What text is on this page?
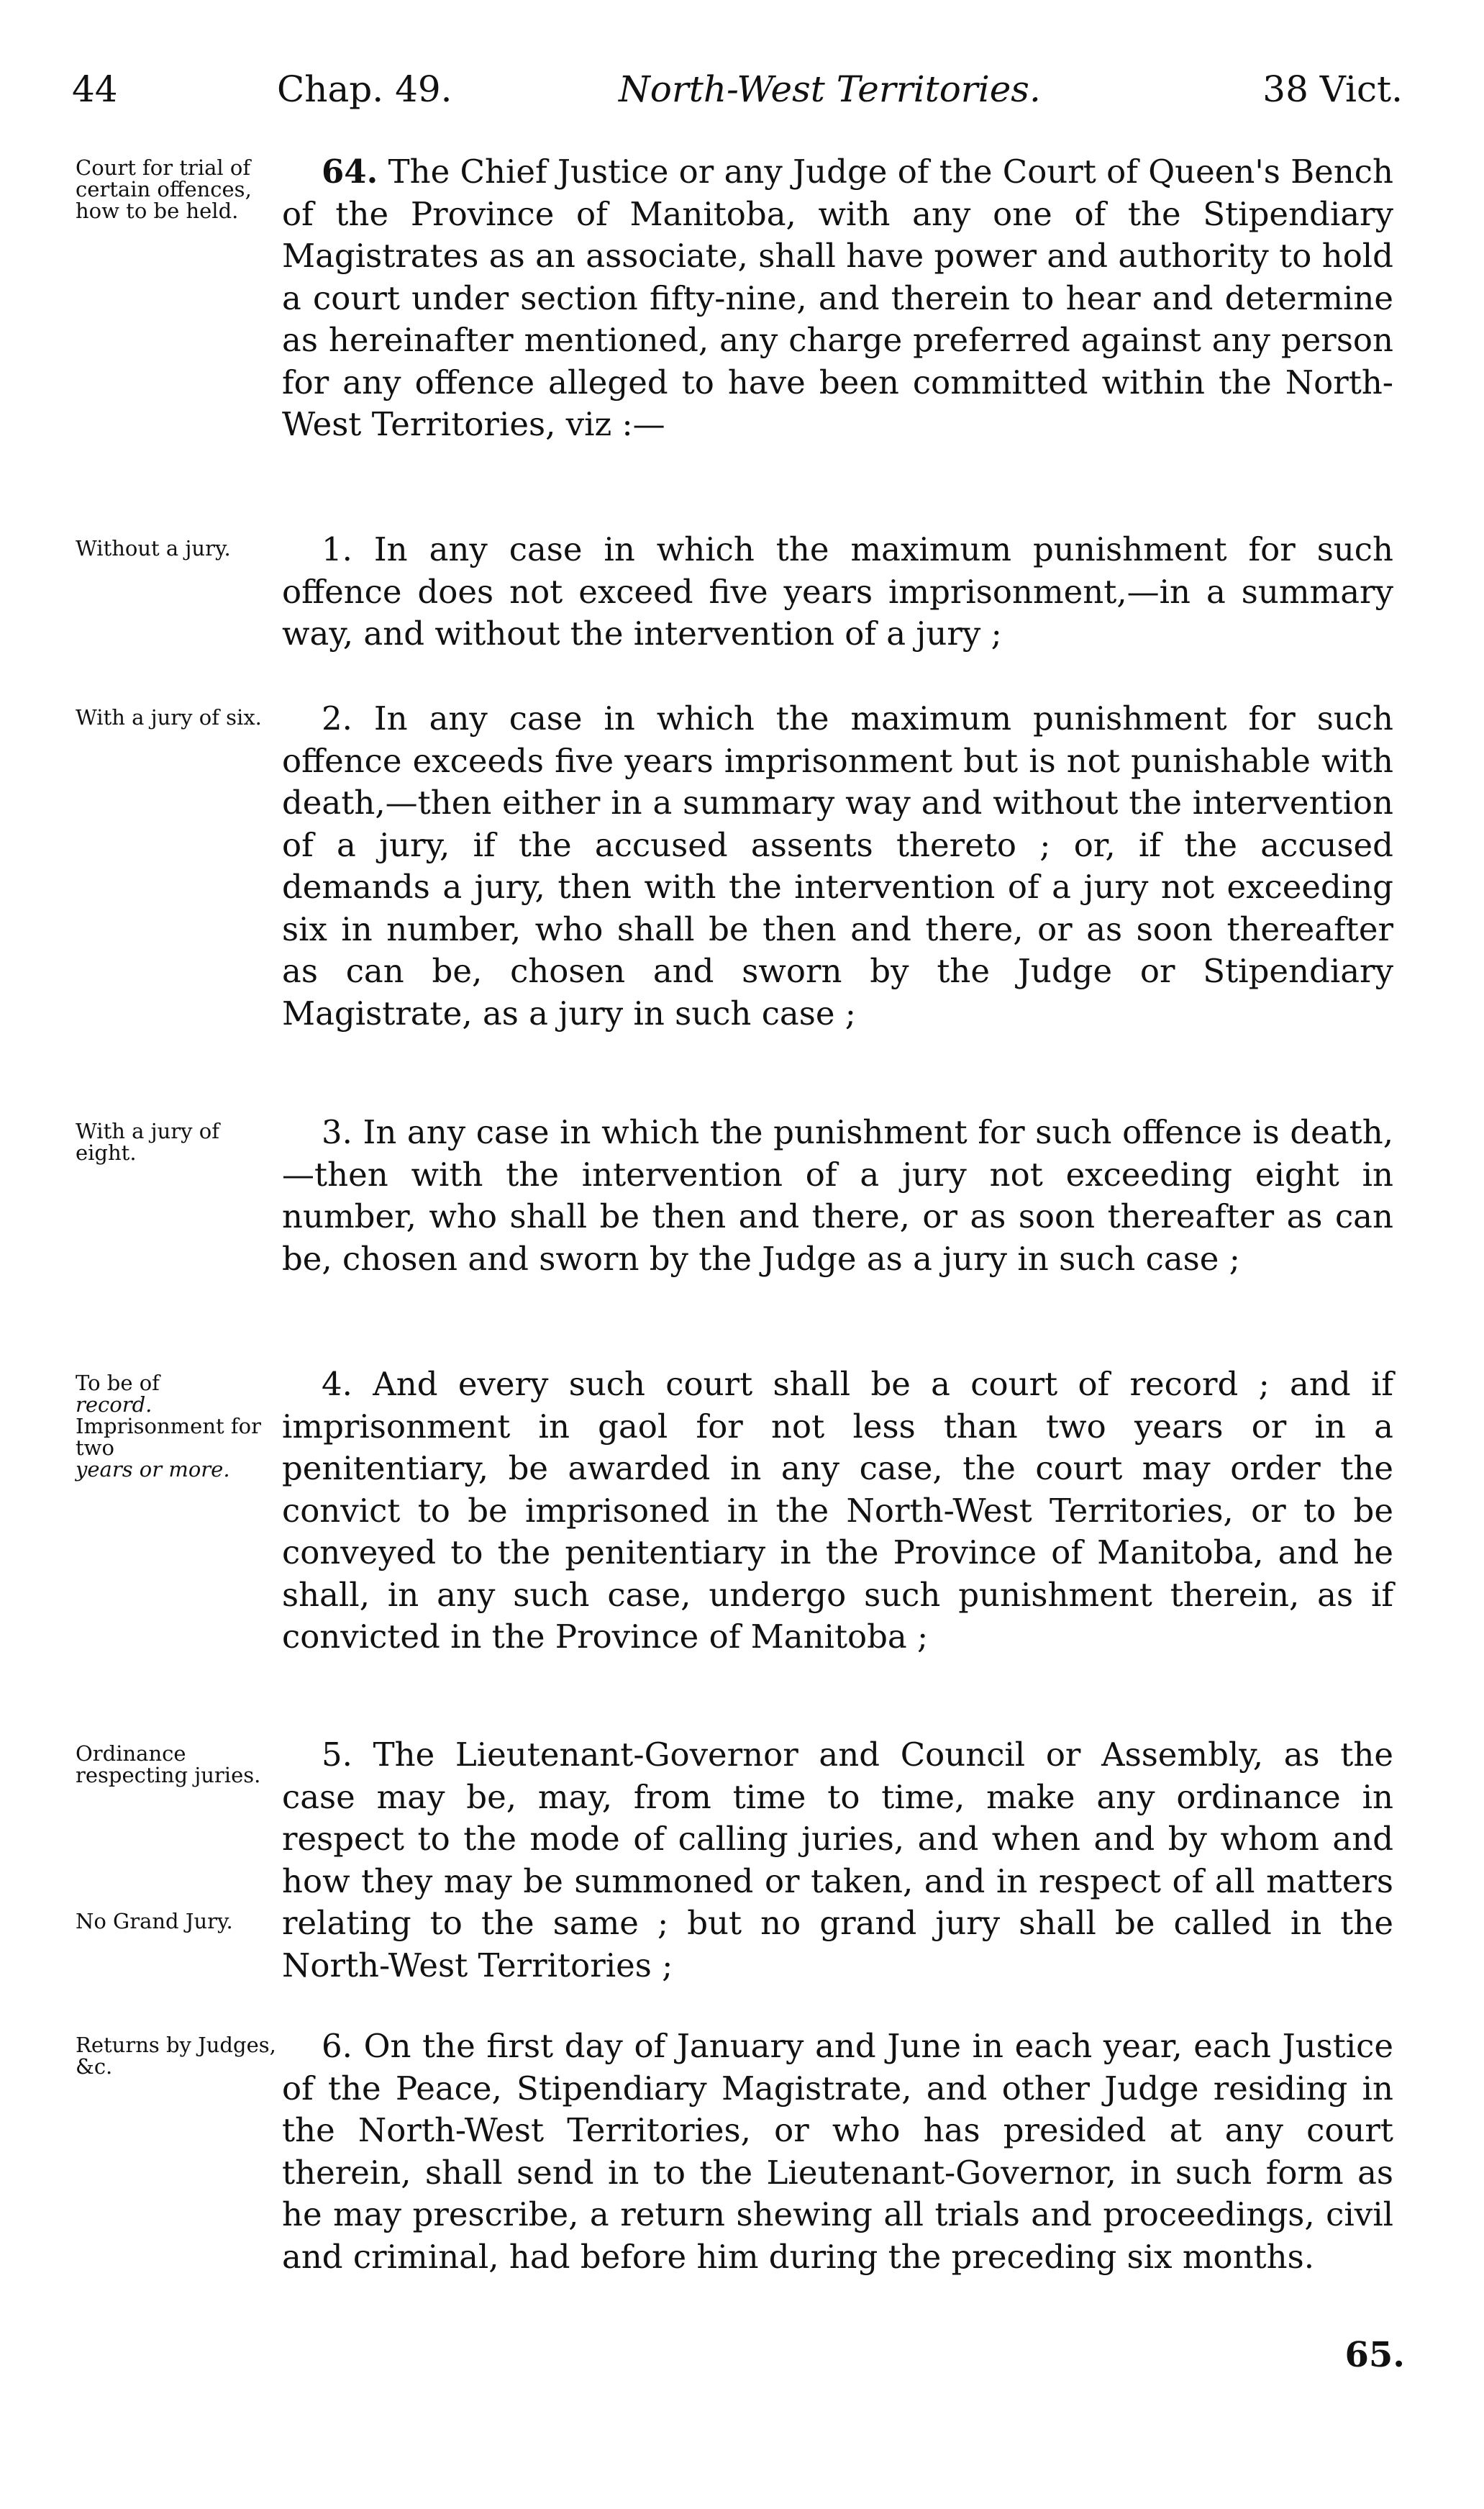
44	Chap. 49.	North-West Territories.	38 Vict.
Court for trial of certain offences, how to be held.

64. The Chief Justice or any Judge of the Court of Queen's Bench of the Province of Manitoba, with any one of the Stipendiary Magistrates as an associate, shall have power and authority to hold a court under section fifty-nine, and therein to hear and determine as hereinafter mentioned, any charge preferred against any person for any offence alleged to have been committed within the North-West Territories, viz :—

Without a jury.	1. In any case in which the maximum punishment for such offence does not exceed five years imprisonment,—in a summary way, and without the intervention of a jury ;

With a jury of six.	2. In any case in which the maximum punishment for such offence exceeds five years imprisonment but is not punishable with death,—then either in a summary way and without the intervention of a jury, if the accused assents thereto ; or, if the accused demands a jury, then with the intervention of a jury not exceeding six in number, who shall be then and there, or as soon thereafter as can be, chosen and sworn by the Judge or Stipendiary Magistrate, as a jury in such case ;

With a jury of eight.

3. In any case in which the punishment for such offence is death,—then with the intervention of a jury not exceeding eight in number, who shall be then and there, or as soon thereafter as can be, chosen and sworn by the Judge as a jury in such case ;

To be of
record.
Imprisonment for two
years or more.

4. And every such court shall be a court of record ; and if imprisonment in gaol for not less than two years or in a penitentiary, be awarded in any case, the court may order the convict to be imprisoned in the North-West Territories, or to be conveyed to the penitentiary in the Province of Manitoba, and he shall, in any such case, undergo such punishment therein, as if convicted in the Province of Manitoba ;

Ordinance respecting juries.
No Grand Jury.

5. The Lieutenant-Governor and Council or Assembly, as the case may be, may, from time to time, make any ordinance in respect to the mode of calling juries, and when and by whom and how they may be summoned or taken, and in respect of all matters relating to the same ; but no grand jury shall be called in the North-West Territories ;

Returns by Judges, &c.

6. On the first day of January and June in each year, each Justice of the Peace, Stipendiary Magistrate, and other Judge residing in the North-West Territories, or who has presided at any court therein, shall send in to the Lieutenant-Governor, in such form as he may prescribe, a return shewing all trials and proceedings, civil and criminal, had before him during the preceding six months.

65.
